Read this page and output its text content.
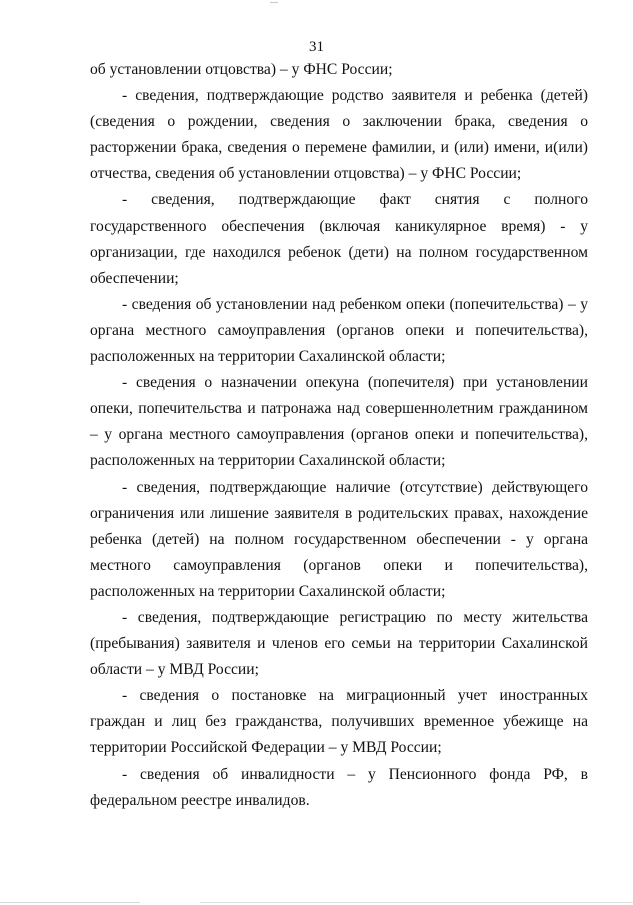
31

об установлении отцовства) – у ФНС России;

- сведения, подтверждающие родство заявителя и ребенка (детей) (сведения о рождении, сведения о заключении брака, сведения о расторжении брака, сведения о перемене фамилии, и (или) имени, и(или) отчества, сведения об установлении отцовства) – у ФНС России;

- сведения, подтверждающие факт снятия с полного государственного обеспечения (включая каникулярное время) - у организации, где находился ребенок (дети) на полном государственном обеспечении;

- сведения об установлении над ребенком опеки (попечительства) – у органа местного самоуправления (органов опеки и попечительства), расположенных на территории Сахалинской области;

- сведения о назначении опекуна (попечителя) при установлении опеки, попечительства и патронажа над совершеннолетним гражданином – у органа местного самоуправления (органов опеки и попечительства), расположенных на территории Сахалинской области;

- сведения, подтверждающие наличие (отсутствие) действующего ограничения или лишение заявителя в родительских правах, нахождение ребенка (детей) на полном государственном обеспечении - у органа местного самоуправления (органов опеки и попечительства), расположенных на территории Сахалинской области;

- сведения, подтверждающие регистрацию по месту жительства (пребывания) заявителя и членов его семьи на территории Сахалинской области – у МВД России;

- сведения о постановке на миграционный учет иностранных граждан и лиц без гражданства, получивших временное убежище на территории Российской Федерации – у МВД России;

- сведения об инвалидности – у Пенсионного фонда РФ, в федеральном реестре инвалидов.
